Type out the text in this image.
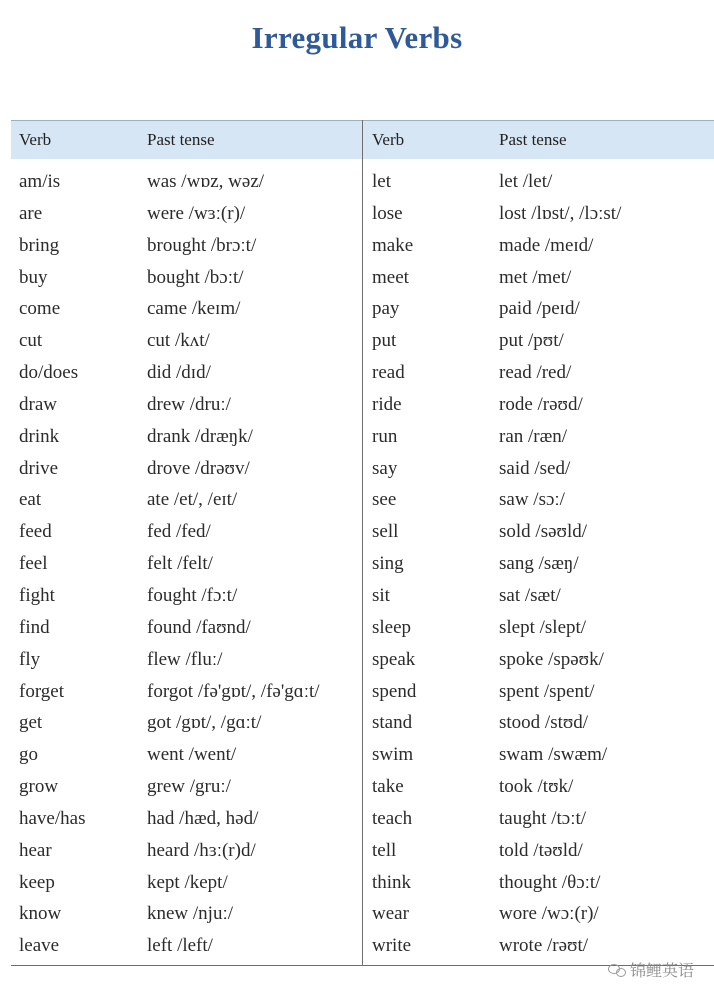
Irregular Verbs
Verb	Past tense
am/is	was /wɒz, wəz/
are	were /wɜː(r)/
bring	brought /brɔːt/
buy	bought /bɔːt/
come	came /keɪm/
cut	cut /kʌt/
do/does	did /dɪd/
draw	drew /druː/
drink	drank /dræŋk/
drive	drove /drəʊv/
eat	ate /et/, /eɪt/
feed	fed /fed/
feel	felt /felt/
fight	fought /fɔːt/
find	found /faʊnd/
fly	flew /fluː/
forget	forgot /fə'gɒt/, /fə'gɑːt/
get	got /gɒt/, /gɑːt/
go	went /went/
grow	grew /gruː/
have/has	had /hæd, həd/
hear	heard /hɜː(r)d/
keep	kept /kept/
know	knew /njuː/
leave	left /left/
Verb	Past tense
let	let /let/
lose	lost /lɒst/, /lɔːst/
make	made /meɪd/
meet	met /met/
pay	paid /peɪd/
put	put /pʊt/
read	read /red/
ride	rode /rəʊd/
run	ran /ræn/
say	said /sed/
see	saw /sɔː/
sell	sold /səʊld/
sing	sang /sæŋ/
sit	sat /sæt/
sleep	slept /slept/
speak	spoke /spəʊk/
spend	spent /spent/
stand	stood /stʊd/
swim	swam /swæm/
take	took /tʊk/
teach	taught /tɔːt/
tell	told /təʊld/
think	thought /θɔːt/
wear	wore /wɔː(r)/
write	wrote /rəʊt/
锦鲤英语
